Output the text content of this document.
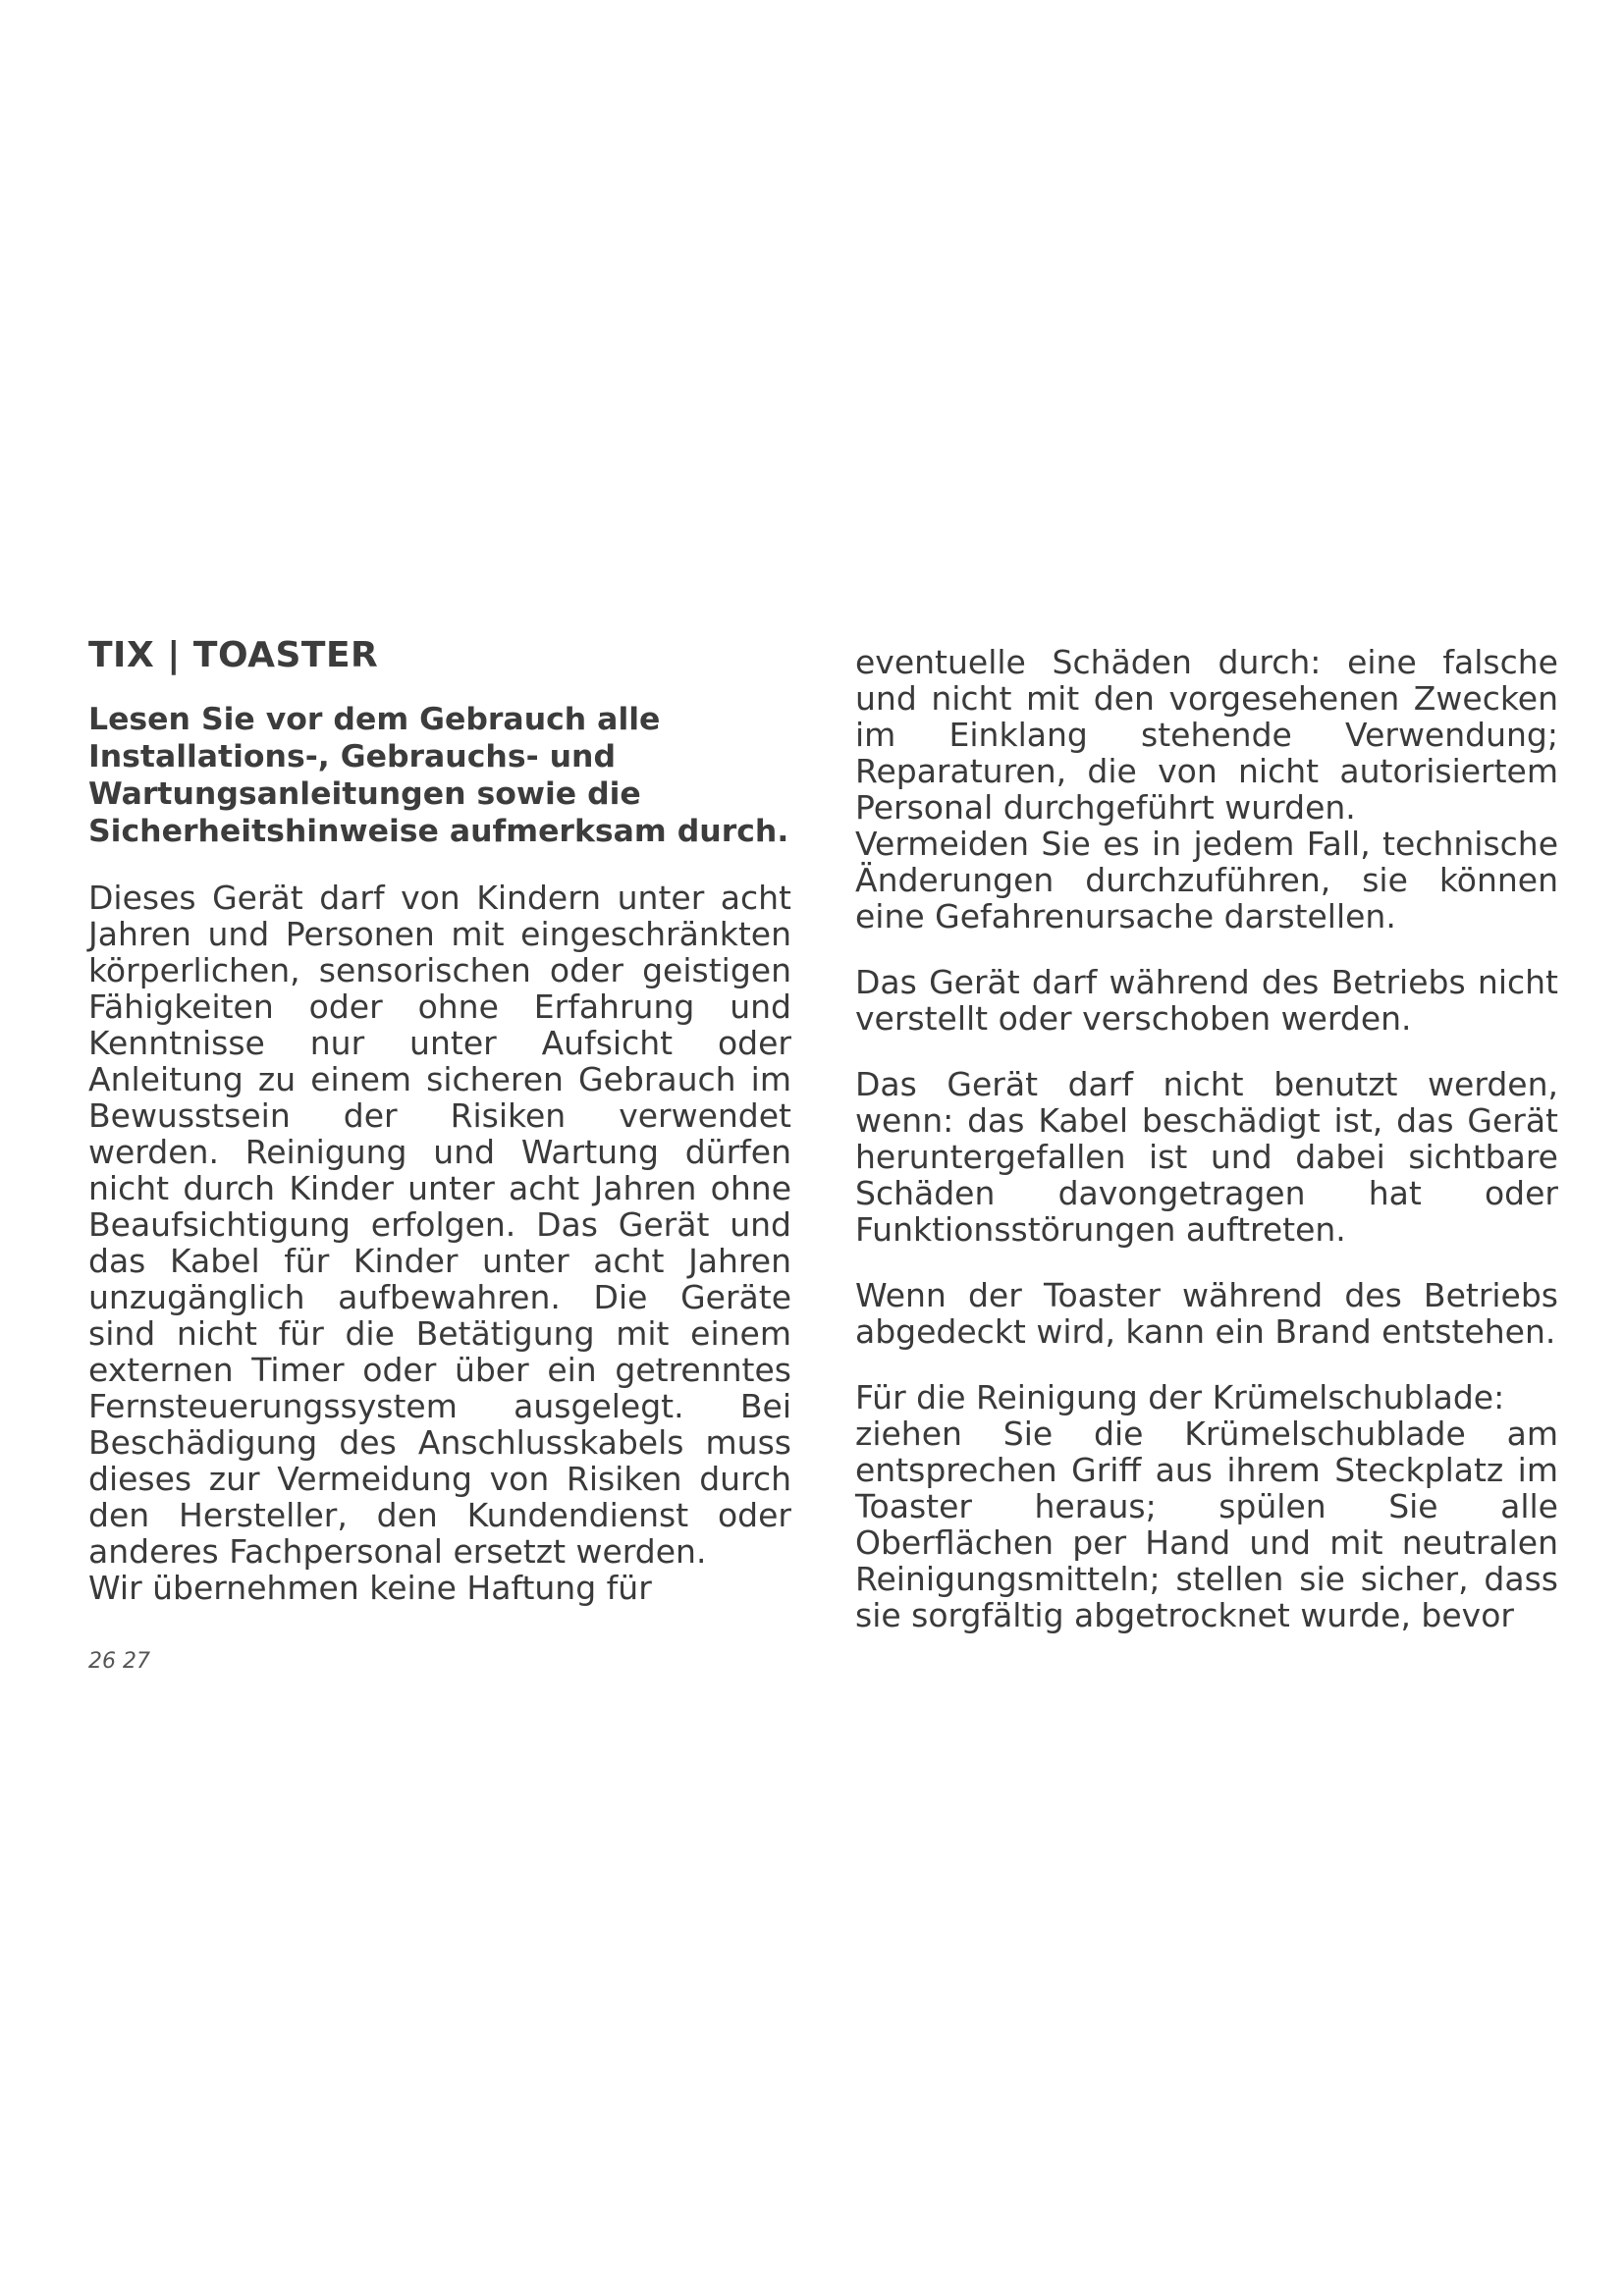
TIX | TOASTER

Lesen Sie vor dem Gebrauch alle Installations-, Gebrauchs- und Wartungsanleitungen sowie die Sicherheitshinweise aufmerksam durch.

Dieses Gerät darf von Kindern unter acht Jahren und Personen mit eingeschränkten körperlichen, sensorischen oder geistigen Fähigkeiten oder ohne Erfahrung und Kenntnisse nur unter Aufsicht oder Anleitung zu einem sicheren Gebrauch im Bewusstsein der Risiken verwendet werden. Reinigung und Wartung dürfen nicht durch Kinder unter acht Jahren ohne Beaufsichtigung erfolgen. Das Gerät und das Kabel für Kinder unter acht Jahren unzugänglich aufbewahren. Die Geräte sind nicht für die Betätigung mit einem externen Timer oder über ein getrenntes Fernsteuerungssystem ausgelegt. Bei Beschädigung des Anschlusskabels muss dieses zur Vermeidung von Risiken durch den Hersteller, den Kundendienst oder anderes Fachpersonal ersetzt werden.

Wir übernehmen keine Haftung für

eventuelle Schäden durch: eine falsche und nicht mit den vorgesehenen Zwecken im Einklang stehende Verwendung; Reparaturen, die von nicht autorisiertem Personal durchgeführt wurden.

Vermeiden Sie es in jedem Fall, technische Änderungen durchzuführen, sie können eine Gefahrenursache darstellen.

Das Gerät darf während des Betriebs nicht verstellt oder verschoben werden.

Das Gerät darf nicht benutzt werden, wenn: das Kabel beschädigt ist, das Gerät heruntergefallen ist und dabei sichtbare Schäden davongetragen hat oder Funktionsstörungen auftreten.

Wenn der Toaster während des Betriebs abgedeckt wird, kann ein Brand entstehen.

Für die Reinigung der Krümelschublade:

ziehen Sie die Krümelschublade am entsprechen Griff aus ihrem Steckplatz im Toaster heraus; spülen Sie alle Oberflächen per Hand und mit neutralen Reinigungsmitteln; stellen sie sicher, dass sie sorgfältig abgetrocknet wurde, bevor

26 27
